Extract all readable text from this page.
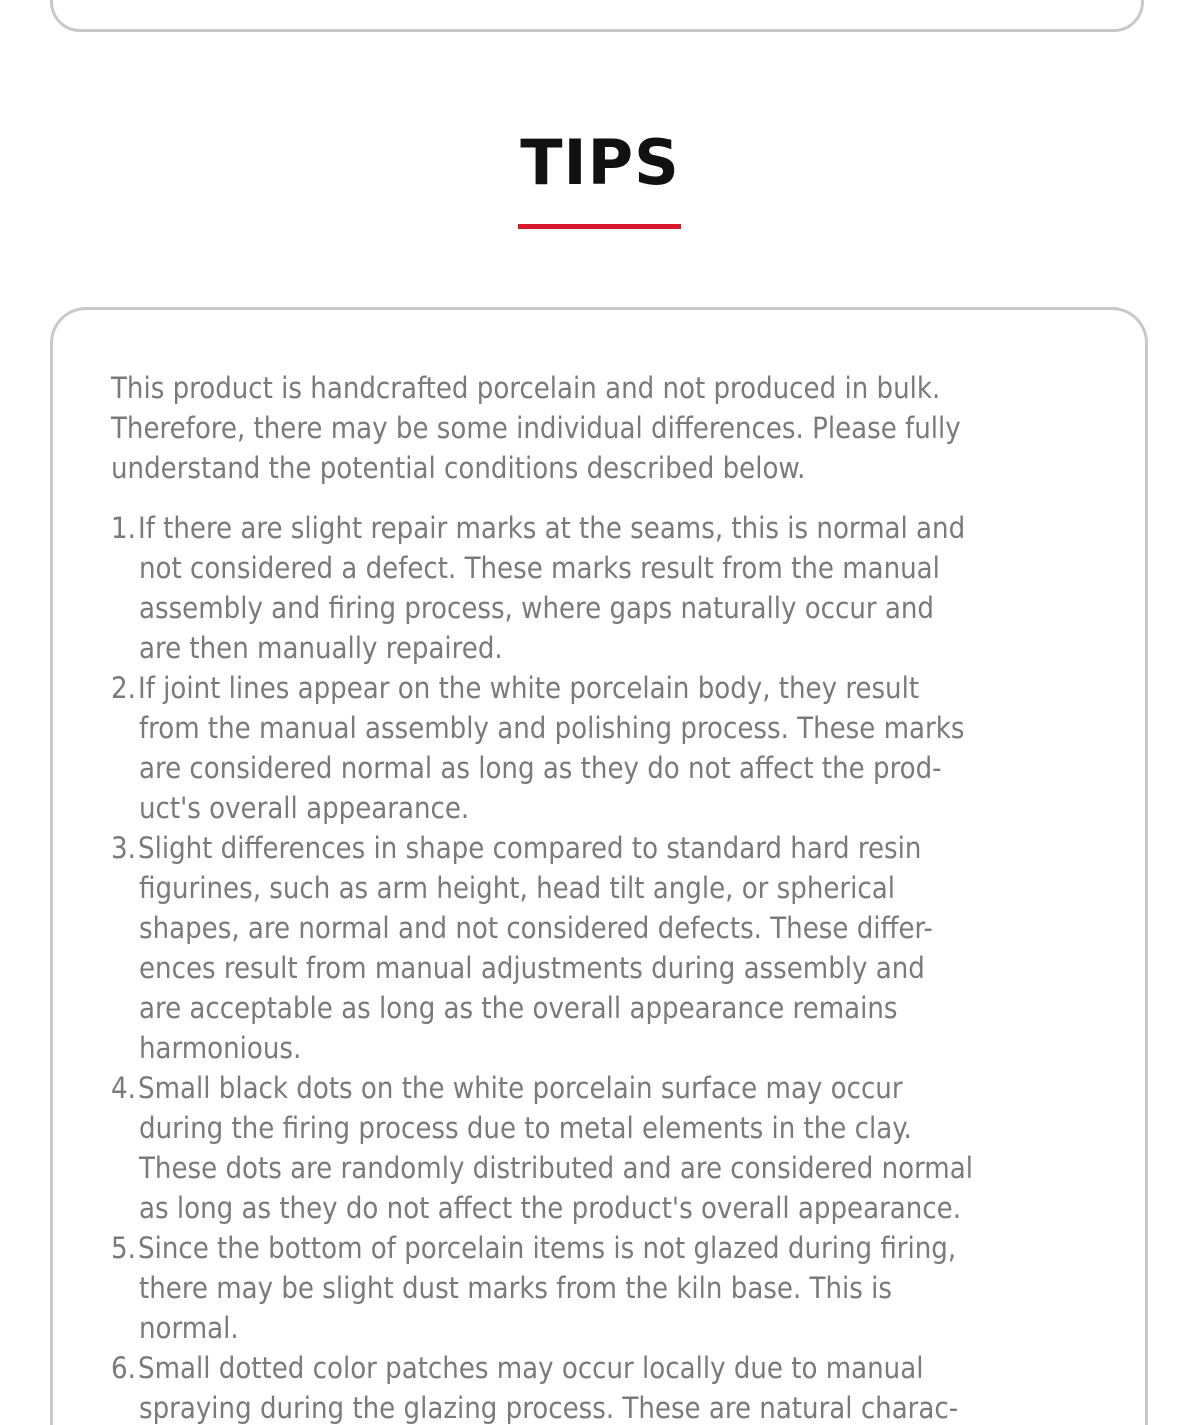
TIPS

This product is handcrafted porcelain and not produced in bulk.
Therefore, there may be some individual differences. Please fully
understand the potential conditions described below.

1. If there are slight repair marks at the seams, this is normal and
not considered a defect. These marks result from the manual
assembly and firing process, where gaps naturally occur and
are then manually repaired.
2. If joint lines appear on the white porcelain body, they result
from the manual assembly and polishing process. These marks
are considered normal as long as they do not affect the prod-
uct's overall appearance.
3. Slight differences in shape compared to standard hard resin
figurines, such as arm height, head tilt angle, or spherical
shapes, are normal and not considered defects. These differ-
ences result from manual adjustments during assembly and
are acceptable as long as the overall appearance remains
harmonious.
4. Small black dots on the white porcelain surface may occur
during the firing process due to metal elements in the clay.
These dots are randomly distributed and are considered normal
as long as they do not affect the product's overall appearance.
5. Since the bottom of porcelain items is not glazed during firing,
there may be slight dust marks from the kiln base. This is
normal.
6. Small dotted color patches may occur locally due to manual
spraying during the glazing process. These are natural charac-
